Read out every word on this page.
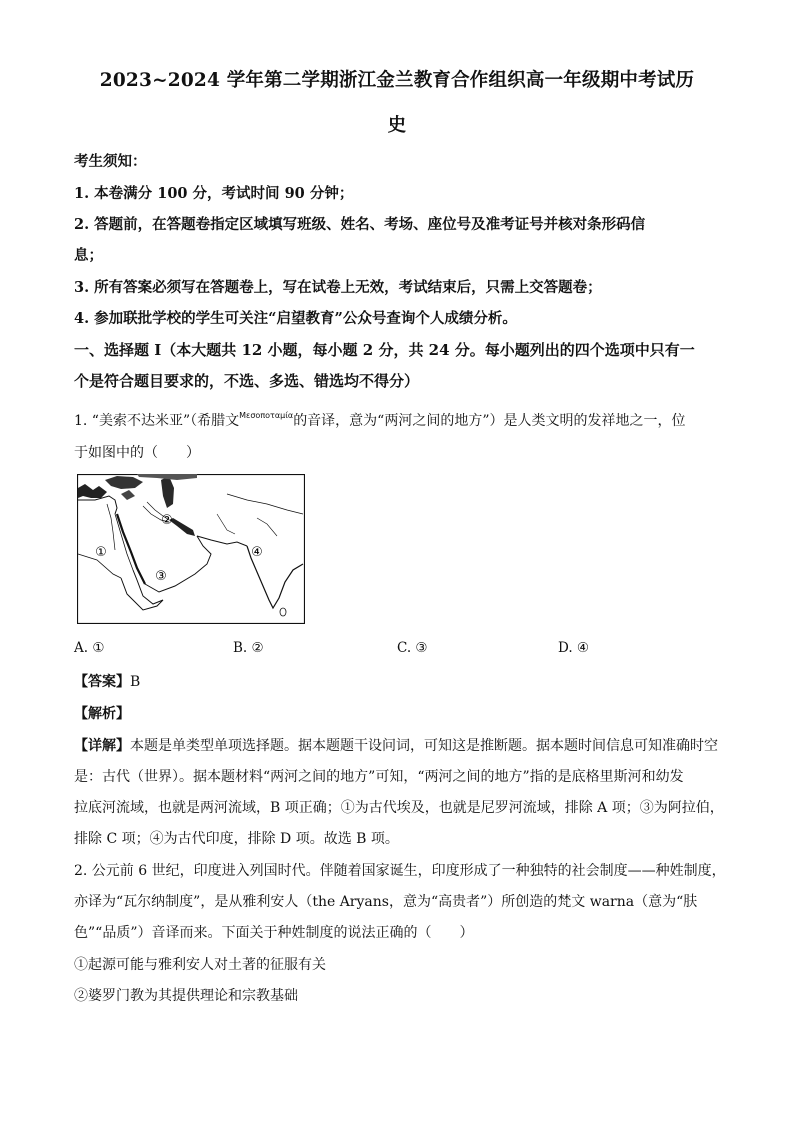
2023~2024 学年第二学期浙江金兰教育合作组织高一年级期中考试历
史
考生须知：
1. 本卷满分 100 分，考试时间 90 分钟；
2. 答题前，在答题卷指定区域填写班级、姓名、考场、座位号及准考证号并核对条形码信
息；
3. 所有答案必须写在答题卷上，写在试卷上无效，考试结束后，只需上交答题卷；
4. 参加联批学校的学生可关注“启望教育”公众号查询个人成绩分析。
一、选择题 I（本大题共 12 小题，每小题 2 分，共 24 分。每小题列出的四个选项中只有一
个是符合题目要求的，不选、多选、错选均不得分）
1. “美索不达米亚”（希腊文$^{M\varepsilon\sigma o\pi o\tau\alpha\mu ί\alpha}$的音译，意为“两河之间的地方”）是人类文明的发祥地之一，位
于如图中的（　　）
①
②
③
④
A. ①	B. ②	C. ③	D. ④
【答案】B
【解析】
【详解】本题是单类型单项选择题。据本题题干设问词，可知这是推断题。据本题时间信息可知准确时空
是：古代（世界）。据本题材料“两河之间的地方”可知，“两河之间的地方”指的是底格里斯河和幼发
拉底河流域，也就是两河流域，B 项正确；①为古代埃及，也就是尼罗河流域，排除 A 项；③为阿拉伯，
排除 C 项；④为古代印度，排除 D 项。故选 B 项。
2. 公元前 6 世纪，印度进入列国时代。伴随着国家诞生，印度形成了一种独特的社会制度——种姓制度，
亦译为“瓦尔纳制度”，是从雅利安人（the Aryans，意为“高贵者”）所创造的梵文 warna（意为“肤
色”“品质”）音译而来。下面关于种姓制度的说法正确的（　　）
①起源可能与雅利安人对土著的征服有关
②婆罗门教为其提供理论和宗教基础
